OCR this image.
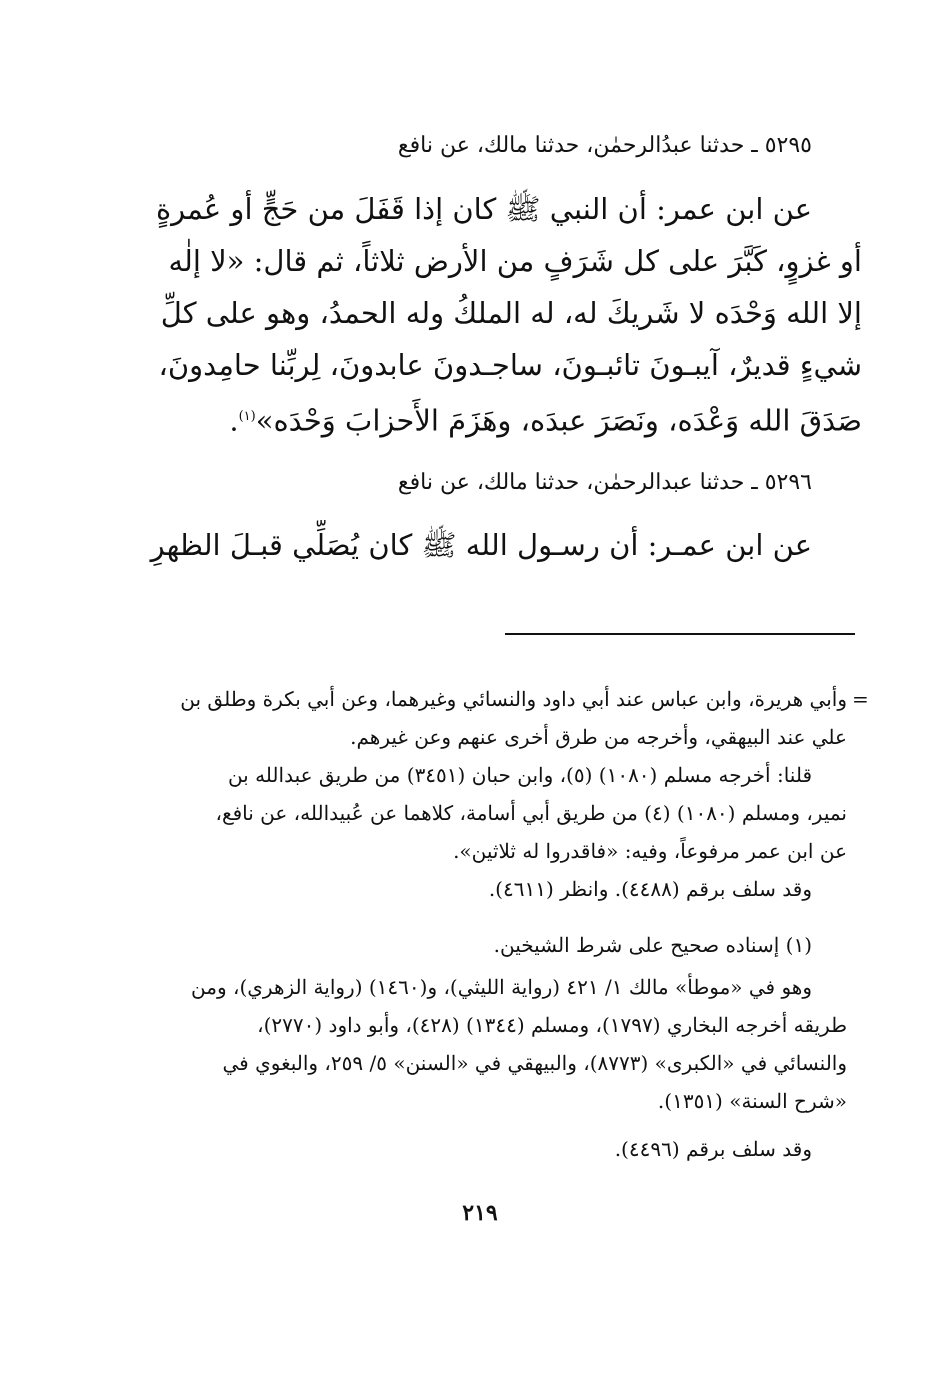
٥٢٩٥ ـ حدثنا عبدُالرحمٰن، حدثنا مالك، عن نافع
عن ابن عمر: أن النبي ﷺ كان إذا قَفَلَ من حَجٍّ أو عُمرةٍ
أو غزوٍ، كَبَّرَ على كل شَرَفٍ من الأرض ثلاثاً، ثم قال: «لا إلٰه
إلا الله وَحْدَه لا شَريكَ له، له الملكُ وله الحمدُ، وهو على كلِّ
شيءٍ قديرٌ، آيبـونَ تائبـونَ، ساجـدونَ عابدونَ، لِربِّنا حامِدونَ،
صَدَقَ الله وَعْدَه، ونَصَرَ عبدَه، وهَزَمَ الأَحزابَ وَحْدَه»$^{(١)}$.
٥٢٩٦ ـ حدثنا عبدالرحمٰن، حدثنا مالك، عن نافع
عن ابن عمـر: أن رسـول الله ﷺ كان يُصَلِّي قبـلَ الظهرِ
=
وأبي هريرة، وابن عباس عند أبي داود والنسائي وغيرهما، وعن أبي بكرة وطلق بن
علي عند البيهقي، وأخرجه من طرق أخرى عنهم وعن غيرهم.
قلنا: أخرجه مسلم (١٠٨٠) (٥)، وابن حبان (٣٤٥١) من طريق عبدالله بن
نمير، ومسلم (١٠٨٠) (٤) من طريق أبي أسامة، كلاهما عن عُبيدالله، عن نافع،
عن ابن عمر مرفوعاً، وفيه: «فاقدروا له ثلاثين».
وقد سلف برقم (٤٤٨٨). وانظر (٤٦١١).
(١) إسناده صحيح على شرط الشيخين.
وهو في «موطأ» مالك ١/ ٤٢١ (رواية الليثي)، و(١٤٦٠) (رواية الزهري)، ومن
طريقه أخرجه البخاري (١٧٩٧)، ومسلم (١٣٤٤) (٤٢٨)، وأبو داود (٢٧٧٠)،
والنسائي في «الكبرى» (٨٧٧٣)، والبيهقي في «السنن» ٥/ ٢٥٩، والبغوي في
«شرح السنة» (١٣٥١).
وقد سلف برقم (٤٤٩٦).
٢١٩
